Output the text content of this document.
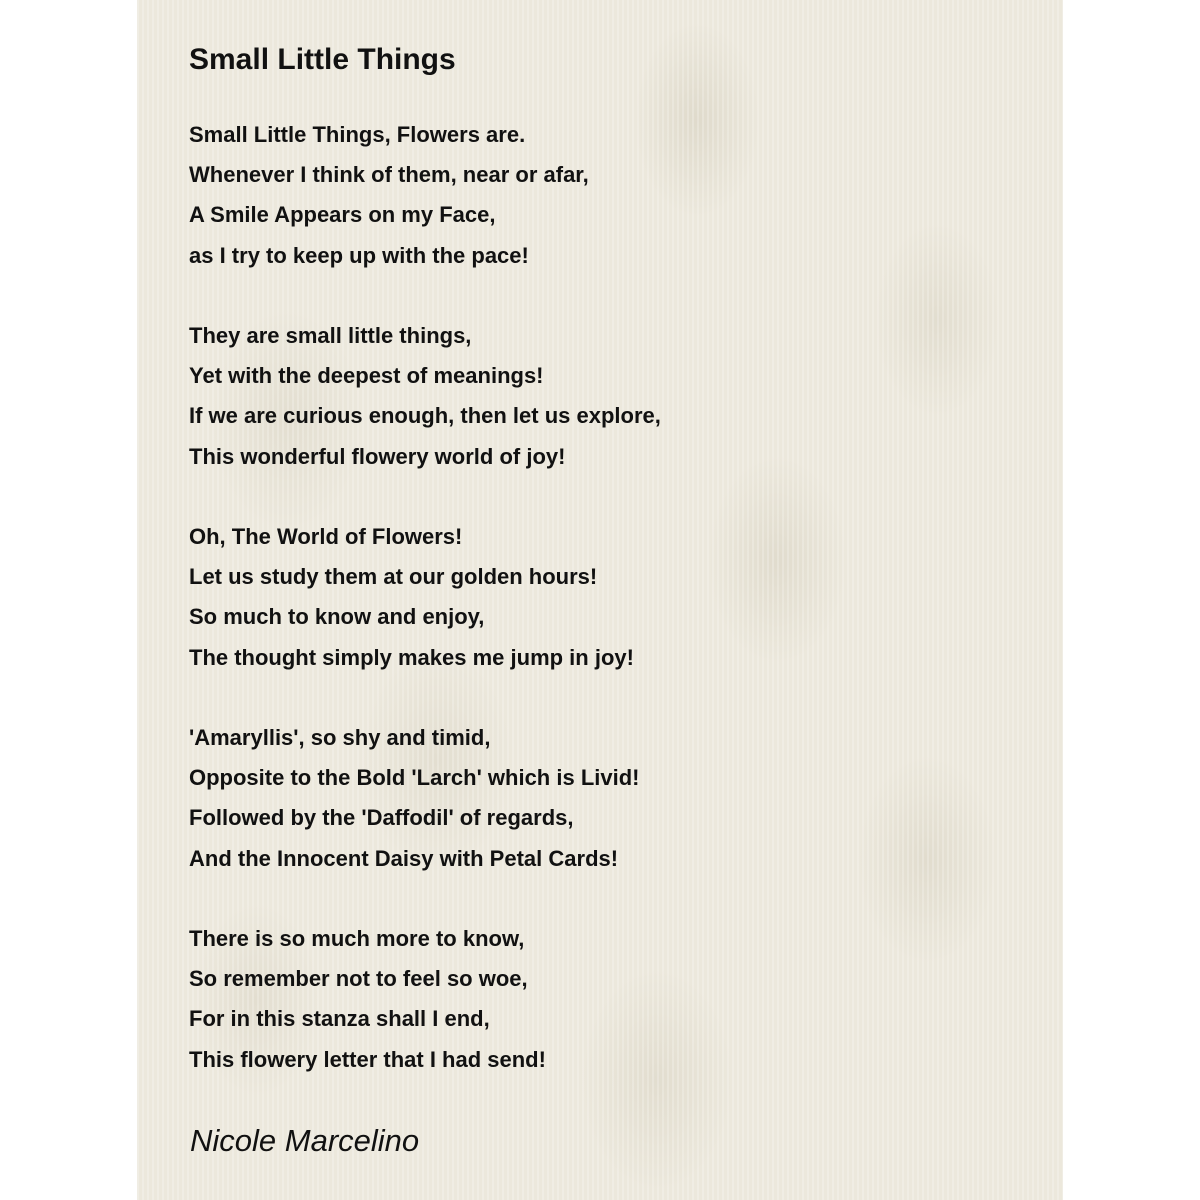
Small Little Things
Small Little Things, Flowers are.
Whenever I think of them, near or afar,
A Smile Appears on my Face,
as I try to keep up with the pace!
They are small little things,
Yet with the deepest of meanings!
If we are curious enough, then let us explore,
This wonderful flowery world of joy!
Oh, The World of Flowers!
Let us study them at our golden hours!
So much to know and enjoy,
The thought simply makes me jump in joy!
'Amaryllis', so shy and timid,
Opposite to the Bold 'Larch' which is Livid!
Followed by the 'Daffodil' of regards,
And the Innocent Daisy with Petal Cards!
There is so much more to know,
So remember not to feel so woe,
For in this stanza shall I end,
This flowery letter that I had send!

Nicole Marcelino
